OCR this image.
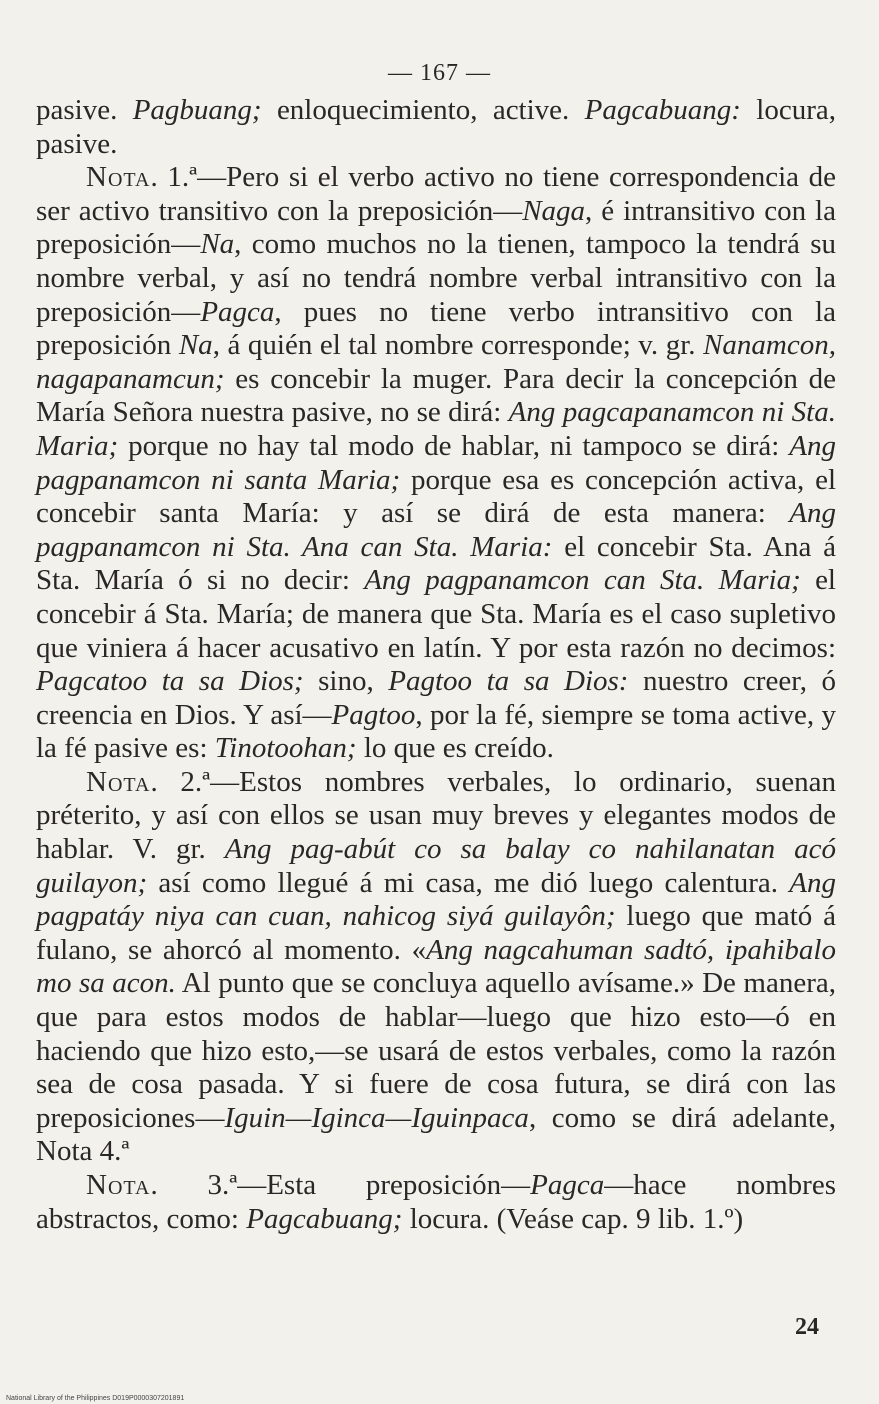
— 167 —

pasive. Pagbuang; enloquecimiento, active. Pagcabuang: locura, pasive.

Nota. 1.ª—Pero si el verbo activo no tiene correspondencia de ser activo transitivo con la preposición—Naga, é intransitivo con la preposición—Na, como muchos no la tienen, tampoco la tendrá su nombre verbal, y así no tendrá nombre verbal intransitivo con la preposición—Pagca, pues no tiene verbo intransitivo con la preposición Na, á quién el tal nombre corresponde; v. gr. Nanamcon, nagapanamcun; es concebir la muger. Para decir la concepción de María Señora nuestra pasive, no se dirá: Ang pagcapanamcon ni Sta. Maria; porque no hay tal modo de hablar, ni tampoco se dirá: Ang pagpanamcon ni santa Maria; porque esa es concepción activa, el concebir santa María: y así se dirá de esta manera: Ang pagpanamcon ni Sta. Ana can Sta. Maria: el concebir Sta. Ana á Sta. María ó si no decir: Ang pagpanamcon can Sta. Maria; el concebir á Sta. María; de manera que Sta. María es el caso supletivo que viniera á hacer acusativo en latín. Y por esta razón no decimos: Pagcatoo ta sa Dios; sino, Pagtoo ta sa Dios: nuestro creer, ó creencia en Dios. Y así—Pagtoo, por la fé, siempre se toma active, y la fé pasive es: Tinotoohan; lo que es creído.

Nota. 2.ª—Estos nombres verbales, lo ordinario, suenan préterito, y así con ellos se usan muy breves y elegantes modos de hablar. V. gr. Ang pag-abút co sa balay co nahilanatan acó guilayon; así como llegué á mi casa, me dió luego calentura. Ang pagpatáy niya can cuan, nahicog siyá guilayôn; luego que mató á fulano, se ahorcó al momento. «Ang nagcahuman sadtó, ipahibalo mo sa acon. Al punto que se concluya aquello avísame.» De manera, que para estos modos de hablar—luego que hizo esto—ó en haciendo que hizo esto,—se usará de estos verbales, como la razón sea de cosa pasada. Y si fuere de cosa futura, se dirá con las preposiciones—Iguin—Iginca—Iguinpaca, como se dirá adelante, Nota 4.ª

Nota. 3.ª—Esta preposición—Pagca—hace nombres abstractos, como: Pagcabuang; locura. (Veáse cap. 9 lib. 1.º)

24
National Library of the Philippines D019P0000307201891
